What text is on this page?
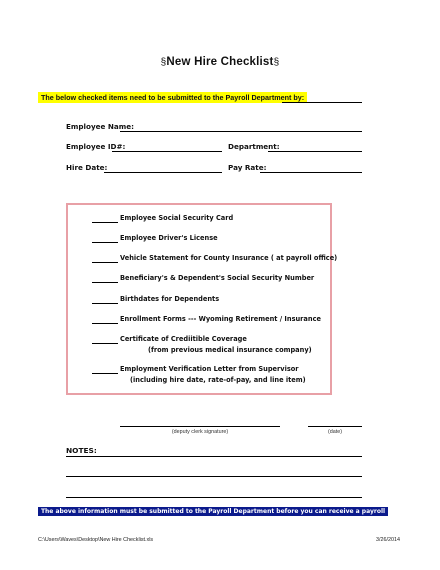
§New Hire Checklist§
The below checked items need to be submitted to the Payroll Department by:
Employee Name:
Employee ID#:	Department:
Hire Date:	Pay Rate:
Employee Social Security Card
Employee Driver's License
Vehicle Statement for County Insurance ( at payroll office)
Beneficiary's & Dependent's Social Security Number
Birthdates for Dependents
Enrollment Forms --- Wyoming Retirement / Insurance
Certificate of Crediitible Coverage
(from previous medical insurance company)
Employment Verification Letter from Supervisor
(including hire date, rate-of-pay, and line item)
(deputy clerk signature)	(date)
NOTES:
The above information must be submitted to the Payroll Department before you can receive a payroll check.
C:\Users\Waves\Desktop\New Hire Checklist.xls	3/26/2014
